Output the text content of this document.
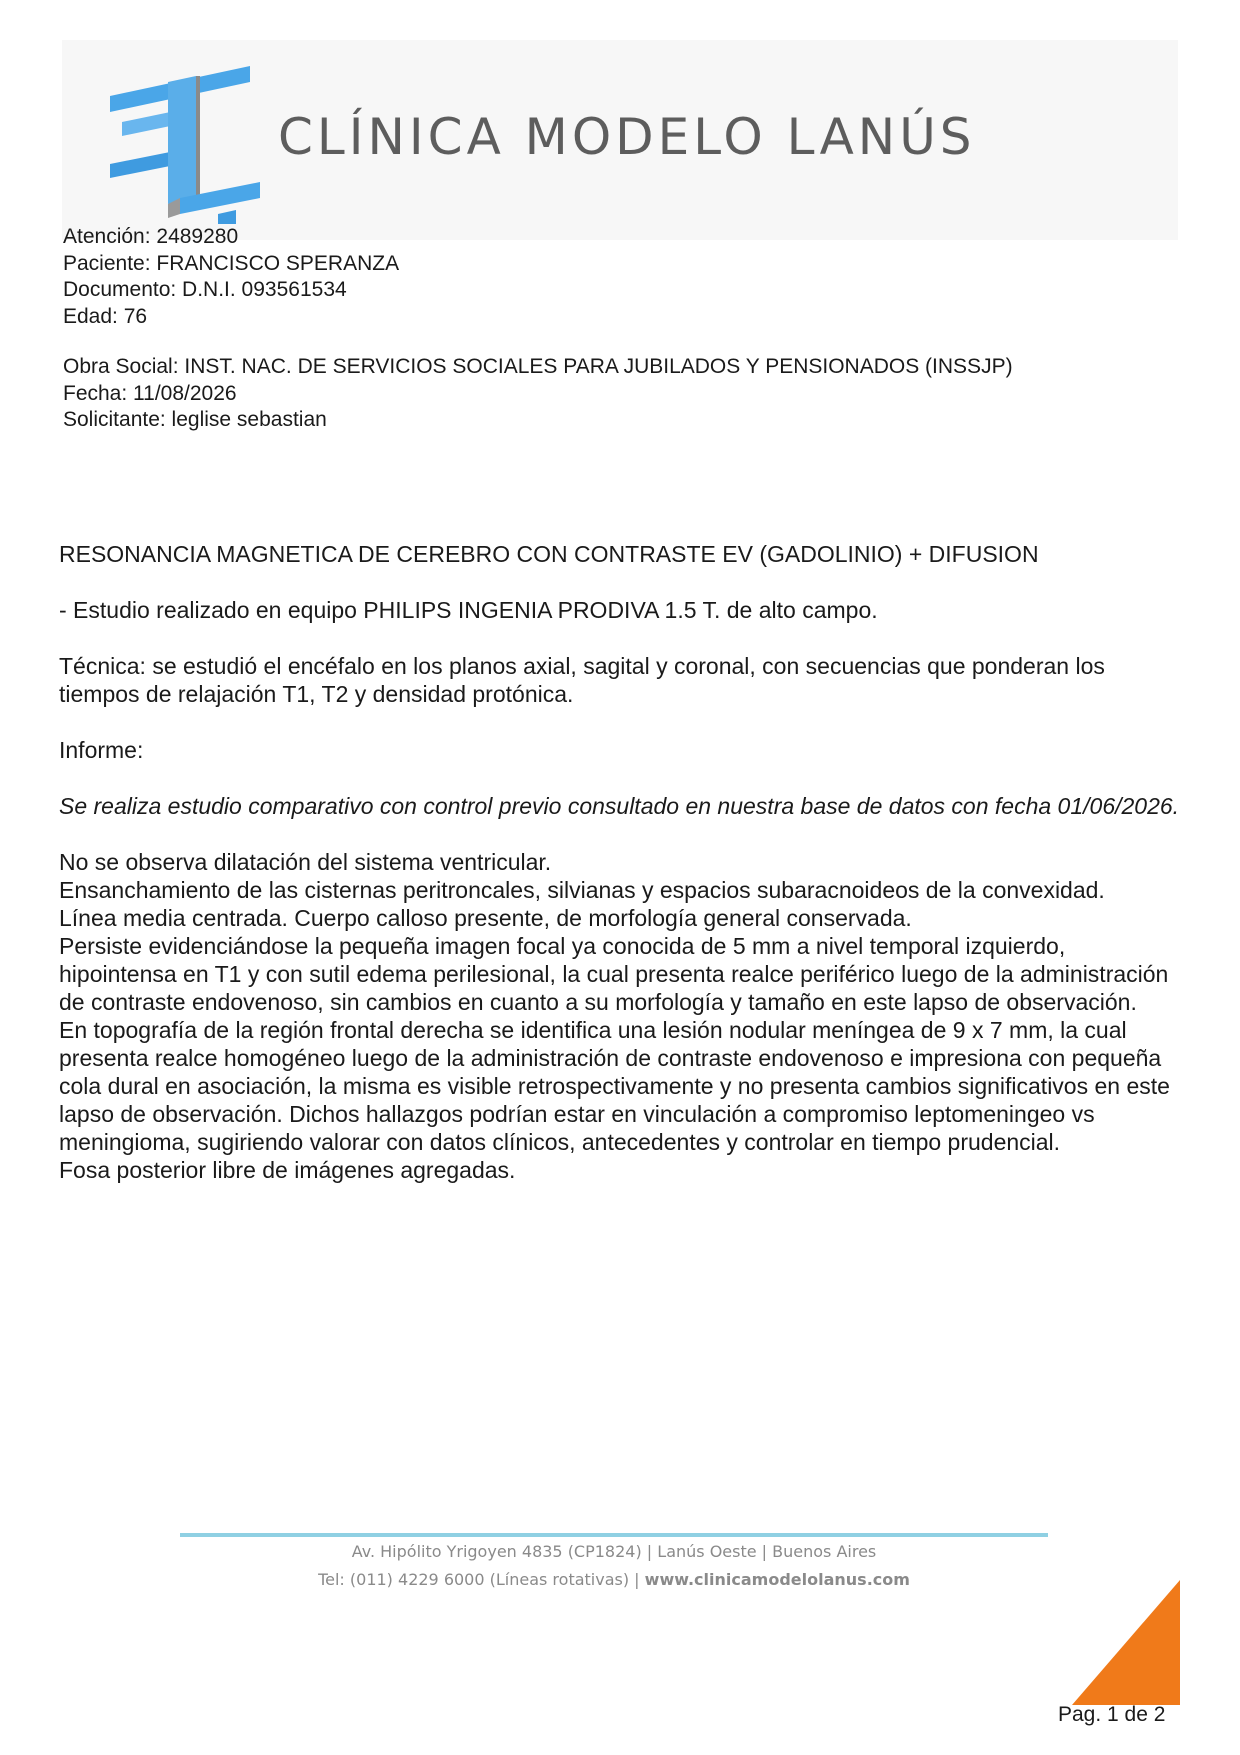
CLÍNICA MODELO LANÚS
Atención: 2489280
Paciente: FRANCISCO SPERANZA
Documento: D.N.I. 093561534
Edad: 76
Obra Social: INST. NAC. DE SERVICIOS SOCIALES PARA JUBILADOS Y PENSIONADOS (INSSJP)
Fecha: 11/08/2026
Solicitante: leglise sebastian

RESONANCIA MAGNETICA DE CEREBRO CON CONTRASTE EV (GADOLINIO) + DIFUSION

- Estudio realizado en equipo PHILIPS INGENIA PRODIVA 1.5 T. de alto campo.

Técnica: se estudió el encéfalo en los planos axial, sagital y coronal, con secuencias que ponderan los tiempos de relajación T1, T2 y densidad protónica.

Informe:

Se realiza estudio comparativo con control previo consultado en nuestra base de datos con fecha 01/06/2026.

No se observa dilatación del sistema ventricular.

Ensanchamiento de las cisternas peritroncales, silvianas y espacios subaracnoideos de la convexidad.

Línea media centrada. Cuerpo calloso presente, de morfología general conservada.

Persiste evidenciándose la pequeña imagen focal ya conocida de 5 mm a nivel temporal izquierdo, hipointensa en T1 y con sutil edema perilesional, la cual presenta realce periférico luego de la administración de contraste endovenoso, sin cambios en cuanto a su morfología y tamaño en este lapso de observación.

En topografía de la región frontal derecha se identifica una lesión nodular meníngea de 9 x 7 mm, la cual presenta realce homogéneo luego de la administración de contraste endovenoso e impresiona con pequeña cola dural en asociación, la misma es visible retrospectivamente y no presenta cambios significativos en este lapso de observación. Dichos hallazgos podrían estar en vinculación a compromiso leptomeningeo vs meningioma, sugiriendo valorar con datos clínicos, antecedentes y controlar en tiempo prudencial.

Fosa posterior libre de imágenes agregadas.

Av. Hipólito Yrigoyen 4835 (CP1824) | Lanús Oeste | Buenos Aires
Tel: (011) 4229 6000 (Líneas rotativas) | www.clinicamodelolanus.com
Pag. 1 de 2
